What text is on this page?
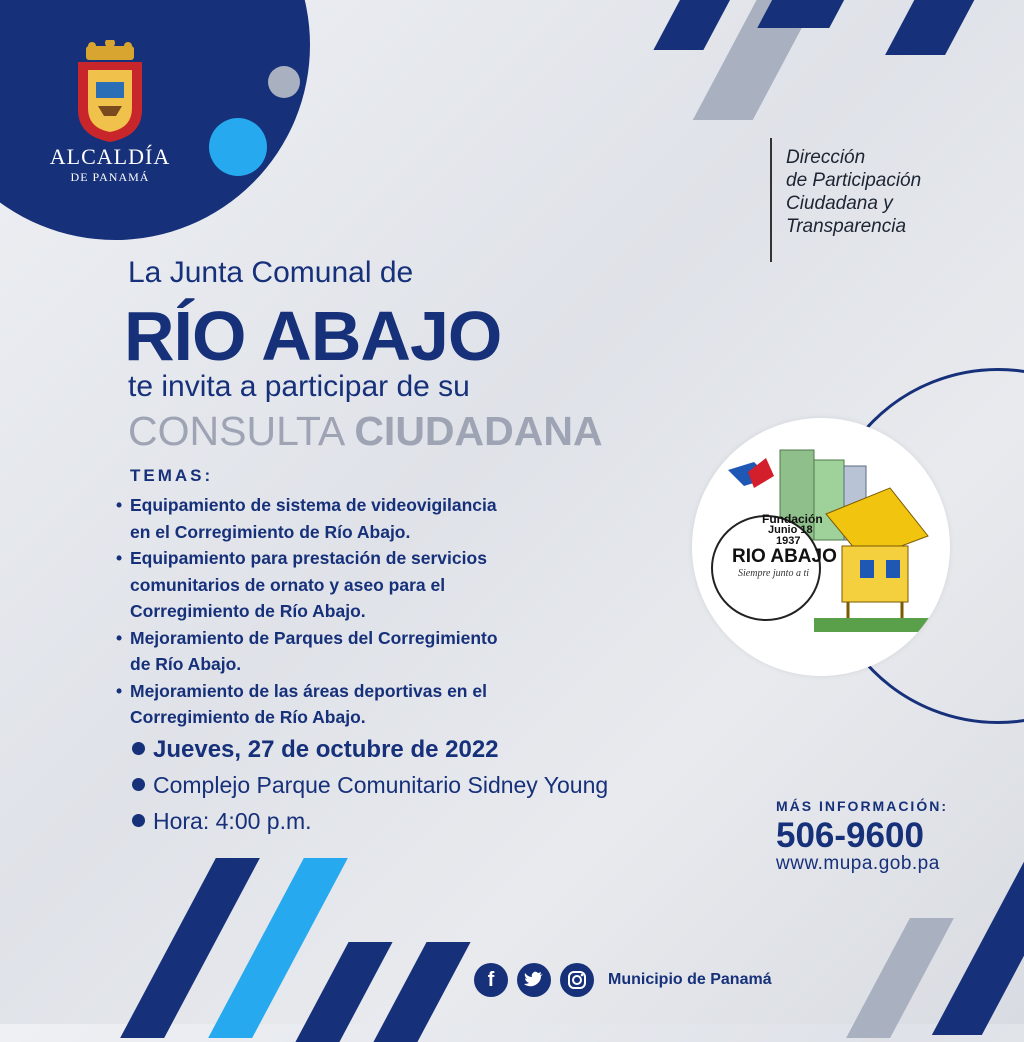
ALCALDÍA
DE PANAMÁ
Dirección
de Participación
Ciudadana y
Transparencia
La Junta Comunal de
RÍO ABAJO
te invita a participar de su
CONSULTA CIUDADANA
TEMAS:
• Equipamiento de sistema de videovigilancia
en el Corregimiento de Río Abajo.
• Equipamiento para prestación de servicios
comunitarios de ornato y aseo para el
Corregimiento de Río Abajo.
• Mejoramiento de Parques del Corregimiento
de Río Abajo.
• Mejoramiento de las áreas deportivas en el
Corregimiento de Río Abajo.
Jueves, 27 de octubre de 2022
Complejo Parque Comunitario Sidney Young
Hora: 4:00 p.m.
Fundación
Junio 18
1937
RIO ABAJO
Siempre junto a ti
MÁS INFORMACIÓN:
506-9600
www.mupa.gob.pa
f	Municipio de Panamá
